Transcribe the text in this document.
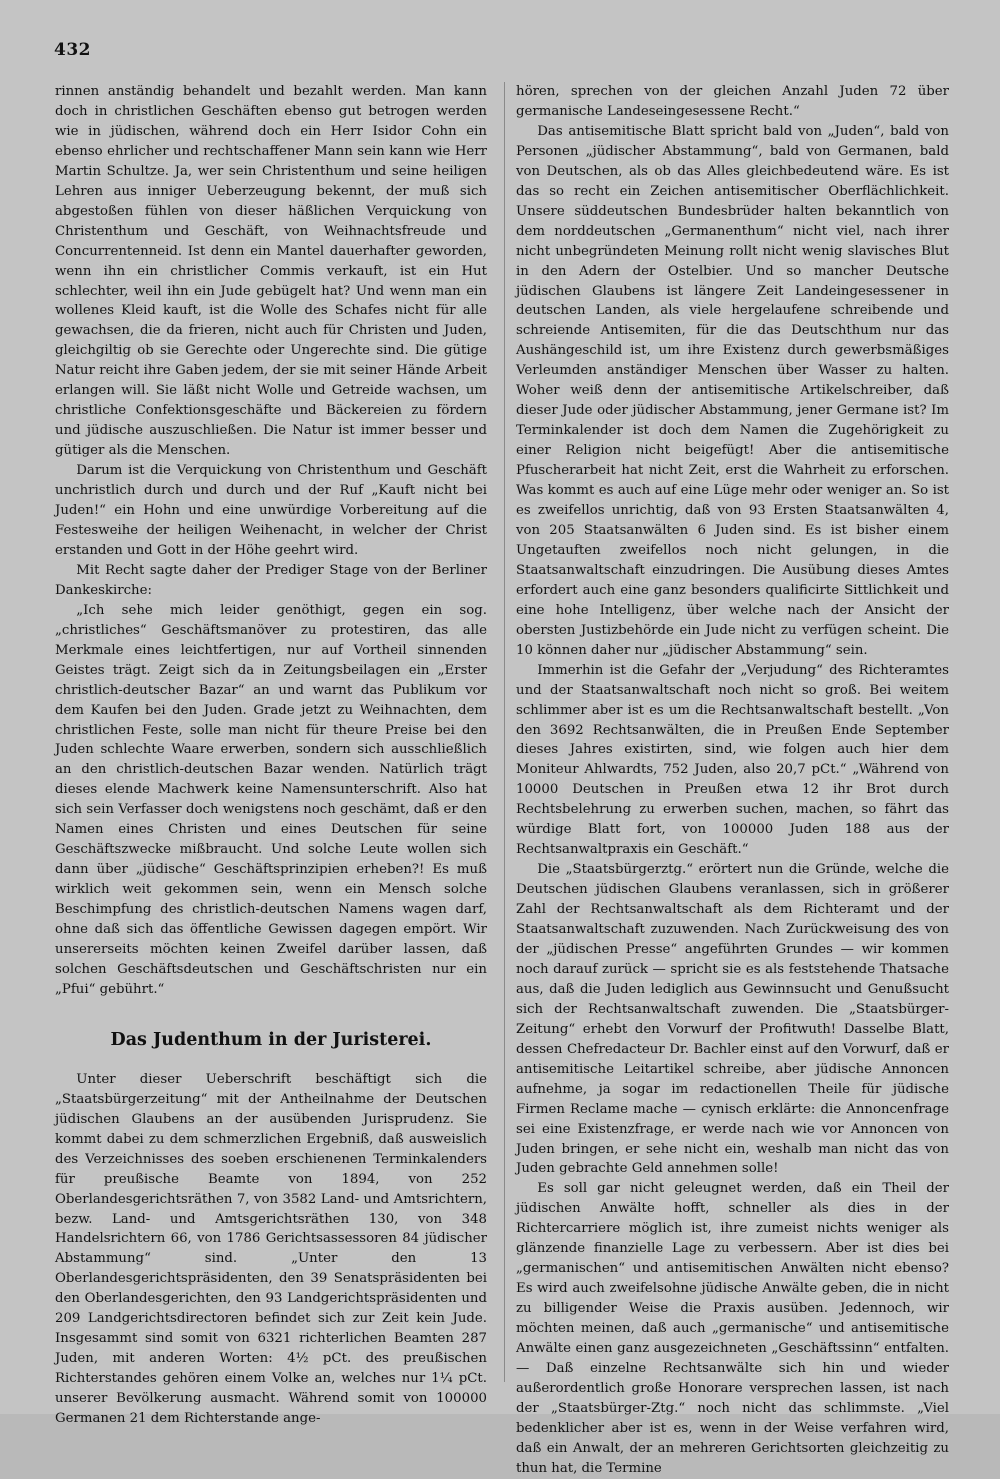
432

rinnen anständig behandelt und bezahlt werden. Man kann doch in christlichen Geschäften ebenso gut betrogen werden wie in jüdischen, während doch ein Herr Isidor Cohn ein ebenso ehrlicher und rechtschaffener Mann sein kann wie Herr Martin Schultze. Ja, wer sein Christenthum und seine heiligen Lehren aus inniger Ueberzeugung bekennt, der muß sich abgestoßen fühlen von dieser häßlichen Verquickung von Christenthum und Geschäft, von Weihnachtsfreude und Concurrentenneid. Ist denn ein Mantel dauerhafter geworden, wenn ihn ein christlicher Commis verkauft, ist ein Hut schlechter, weil ihn ein Jude gebügelt hat? Und wenn man ein wollenes Kleid kauft, ist die Wolle des Schafes nicht für alle gewachsen, die da frieren, nicht auch für Christen und Juden, gleichgiltig ob sie Gerechte oder Ungerechte sind. Die gütige Natur reicht ihre Gaben jedem, der sie mit seiner Hände Arbeit erlangen will. Sie läßt nicht Wolle und Getreide wachsen, um christliche Confektionsgeschäfte und Bäckereien zu fördern und jüdische auszuschließen. Die Natur ist immer besser und gütiger als die Menschen.

Darum ist die Verquickung von Christenthum und Geschäft unchristlich durch und durch und der Ruf „Kauft nicht bei Juden!“ ein Hohn und eine unwürdige Vorbereitung auf die Festesweihe der heiligen Weihenacht, in welcher der Christ erstanden und Gott in der Höhe geehrt wird.

Mit Recht sagte daher der Prediger Stage von der Berliner Dankeskirche:

„Ich sehe mich leider genöthigt, gegen ein sog. „christliches“ Geschäftsmanöver zu protestiren, das alle Merkmale eines leichtfertigen, nur auf Vortheil sinnenden Geistes trägt. Zeigt sich da in Zeitungsbeilagen ein „Erster christlich-deutscher Bazar“ an und warnt das Publikum vor dem Kaufen bei den Juden. Grade jetzt zu Weihnachten, dem christlichen Feste, solle man nicht für theure Preise bei den Juden schlechte Waare erwerben, sondern sich ausschließlich an den christlich-deutschen Bazar wenden. Natürlich trägt dieses elende Machwerk keine Namensunterschrift. Also hat sich sein Verfasser doch wenigstens noch geschämt, daß er den Namen eines Christen und eines Deutschen für seine Geschäftszwecke mißbraucht. Und solche Leute wollen sich dann über „jüdische“ Geschäftsprinzipien erheben?! Es muß wirklich weit gekommen sein, wenn ein Mensch solche Beschimpfung des christlich-deutschen Namens wagen darf, ohne daß sich das öffentliche Gewissen dagegen empört. Wir unsererseits möchten keinen Zweifel darüber lassen, daß solchen Geschäftsdeutschen und Geschäftschristen nur ein „Pfui“ gebührt.“

Das Judenthum in der Juristerei.

Unter dieser Ueberschrift beschäftigt sich die „Staatsbürgerzeitung“ mit der Antheilnahme der Deutschen jüdischen Glaubens an der ausübenden Jurisprudenz. Sie kommt dabei zu dem schmerzlichen Ergebniß, daß ausweislich des Verzeichnisses des soeben erschienenen Terminkalenders für preußische Beamte von 1894, von 252 Oberlandesgerichtsräthen 7, von 3582 Land- und Amtsrichtern, bezw. Land- und Amtsgerichtsräthen 130, von 348 Handelsrichtern 66, von 1786 Gerichtsassessoren 84 jüdischer Abstammung“ sind. „Unter den 13 Oberlandesgerichtspräsidenten, den 39 Senatspräsidenten bei den Oberlandesgerichten, den 93 Landgerichtspräsidenten und 209 Landgerichtsdirectoren befindet sich zur Zeit kein Jude. Insgesammt sind somit von 6321 richterlichen Beamten 287 Juden, mit anderen Worten: 4½ pCt. des preußischen Richterstandes gehören einem Volke an, welches nur 1¼ pCt. unserer Bevölkerung ausmacht. Während somit von 100000 Germanen 21 dem Richterstande ange-

hören, sprechen von der gleichen Anzahl Juden 72 über germanische Landeseingesessene Recht.“

Das antisemitische Blatt spricht bald von „Juden“, bald von Personen „jüdischer Abstammung“, bald von Germanen, bald von Deutschen, als ob das Alles gleichbedeutend wäre. Es ist das so recht ein Zeichen antisemitischer Oberflächlichkeit. Unsere süddeutschen Bundesbrüder halten bekanntlich von dem norddeutschen „Germanenthum“ nicht viel, nach ihrer nicht unbegründeten Meinung rollt nicht wenig slavisches Blut in den Adern der Ostelbier. Und so mancher Deutsche jüdischen Glaubens ist längere Zeit Landeingesessener in deutschen Landen, als viele hergelaufene schreibende und schreiende Antisemiten, für die das Deutschthum nur das Aushängeschild ist, um ihre Existenz durch gewerbsmäßiges Verleumden anständiger Menschen über Wasser zu halten. Woher weiß denn der antisemitische Artikelschreiber, daß dieser Jude oder jüdischer Abstammung, jener Germane ist? Im Terminkalender ist doch dem Namen die Zugehörigkeit zu einer Religion nicht beigefügt! Aber die antisemitische Pfuscherarbeit hat nicht Zeit, erst die Wahrheit zu erforschen. Was kommt es auch auf eine Lüge mehr oder weniger an. So ist es zweifellos unrichtig, daß von 93 Ersten Staatsanwälten 4, von 205 Staatsanwälten 6 Juden sind. Es ist bisher einem Ungetauften zweifellos noch nicht gelungen, in die Staatsanwaltschaft einzudringen. Die Ausübung dieses Amtes erfordert auch eine ganz besonders qualificirte Sittlichkeit und eine hohe Intelligenz, über welche nach der Ansicht der obersten Justizbehörde ein Jude nicht zu verfügen scheint. Die 10 können daher nur „jüdischer Abstammung“ sein.

Immerhin ist die Gefahr der „Verjudung“ des Richteramtes und der Staatsanwaltschaft noch nicht so groß. Bei weitem schlimmer aber ist es um die Rechtsanwaltschaft bestellt. „Von den 3692 Rechtsanwälten, die in Preußen Ende September dieses Jahres existirten, sind, wie folgen auch hier dem Moniteur Ahlwardts, 752 Juden, also 20,7 pCt.“ „Während von 10000 Deutschen in Preußen etwa 12 ihr Brot durch Rechtsbelehrung zu erwerben suchen, machen, so fährt das würdige Blatt fort, von 100000 Juden 188 aus der Rechtsanwaltpraxis ein Geschäft.“

Die „Staatsbürgerztg.“ erörtert nun die Gründe, welche die Deutschen jüdischen Glaubens veranlassen, sich in größerer Zahl der Rechtsanwaltschaft als dem Richteramt und der Staatsanwaltschaft zuzuwenden. Nach Zurückweisung des von der „jüdischen Presse“ angeführten Grundes — wir kommen noch darauf zurück — spricht sie es als feststehende Thatsache aus, daß die Juden lediglich aus Gewinnsucht und Genußsucht sich der Rechtsanwaltschaft zuwenden. Die „Staatsbürger-Zeitung“ erhebt den Vorwurf der Profitwuth! Dasselbe Blatt, dessen Chefredacteur Dr. Bachler einst auf den Vorwurf, daß er antisemitische Leitartikel schreibe, aber jüdische Annoncen aufnehme, ja sogar im redactionellen Theile für jüdische Firmen Reclame mache — cynisch erklärte: die Annoncenfrage sei eine Existenzfrage, er werde nach wie vor Annoncen von Juden bringen, er sehe nicht ein, weshalb man nicht das von Juden gebrachte Geld annehmen solle!

Es soll gar nicht geleugnet werden, daß ein Theil der jüdischen Anwälte hofft, schneller als dies in der Richtercarriere möglich ist, ihre zumeist nichts weniger als glänzende finanzielle Lage zu verbessern. Aber ist dies bei „germanischen“ und antisemitischen Anwälten nicht ebenso? Es wird auch zweifelsohne jüdische Anwälte geben, die in nicht zu billigender Weise die Praxis ausüben. Jedennoch, wir möchten meinen, daß auch „germanische“ und antisemitische Anwälte einen ganz ausgezeichneten „Geschäftssinn“ entfalten. — Daß einzelne Rechtsanwälte sich hin und wieder außerordentlich große Honorare versprechen lassen, ist nach der „Staatsbürger-Ztg.“ noch nicht das schlimmste. „Viel bedenklicher aber ist es, wenn in der Weise verfahren wird, daß ein Anwalt, der an mehreren Gerichtsorten gleichzeitig zu thun hat, die Termine
